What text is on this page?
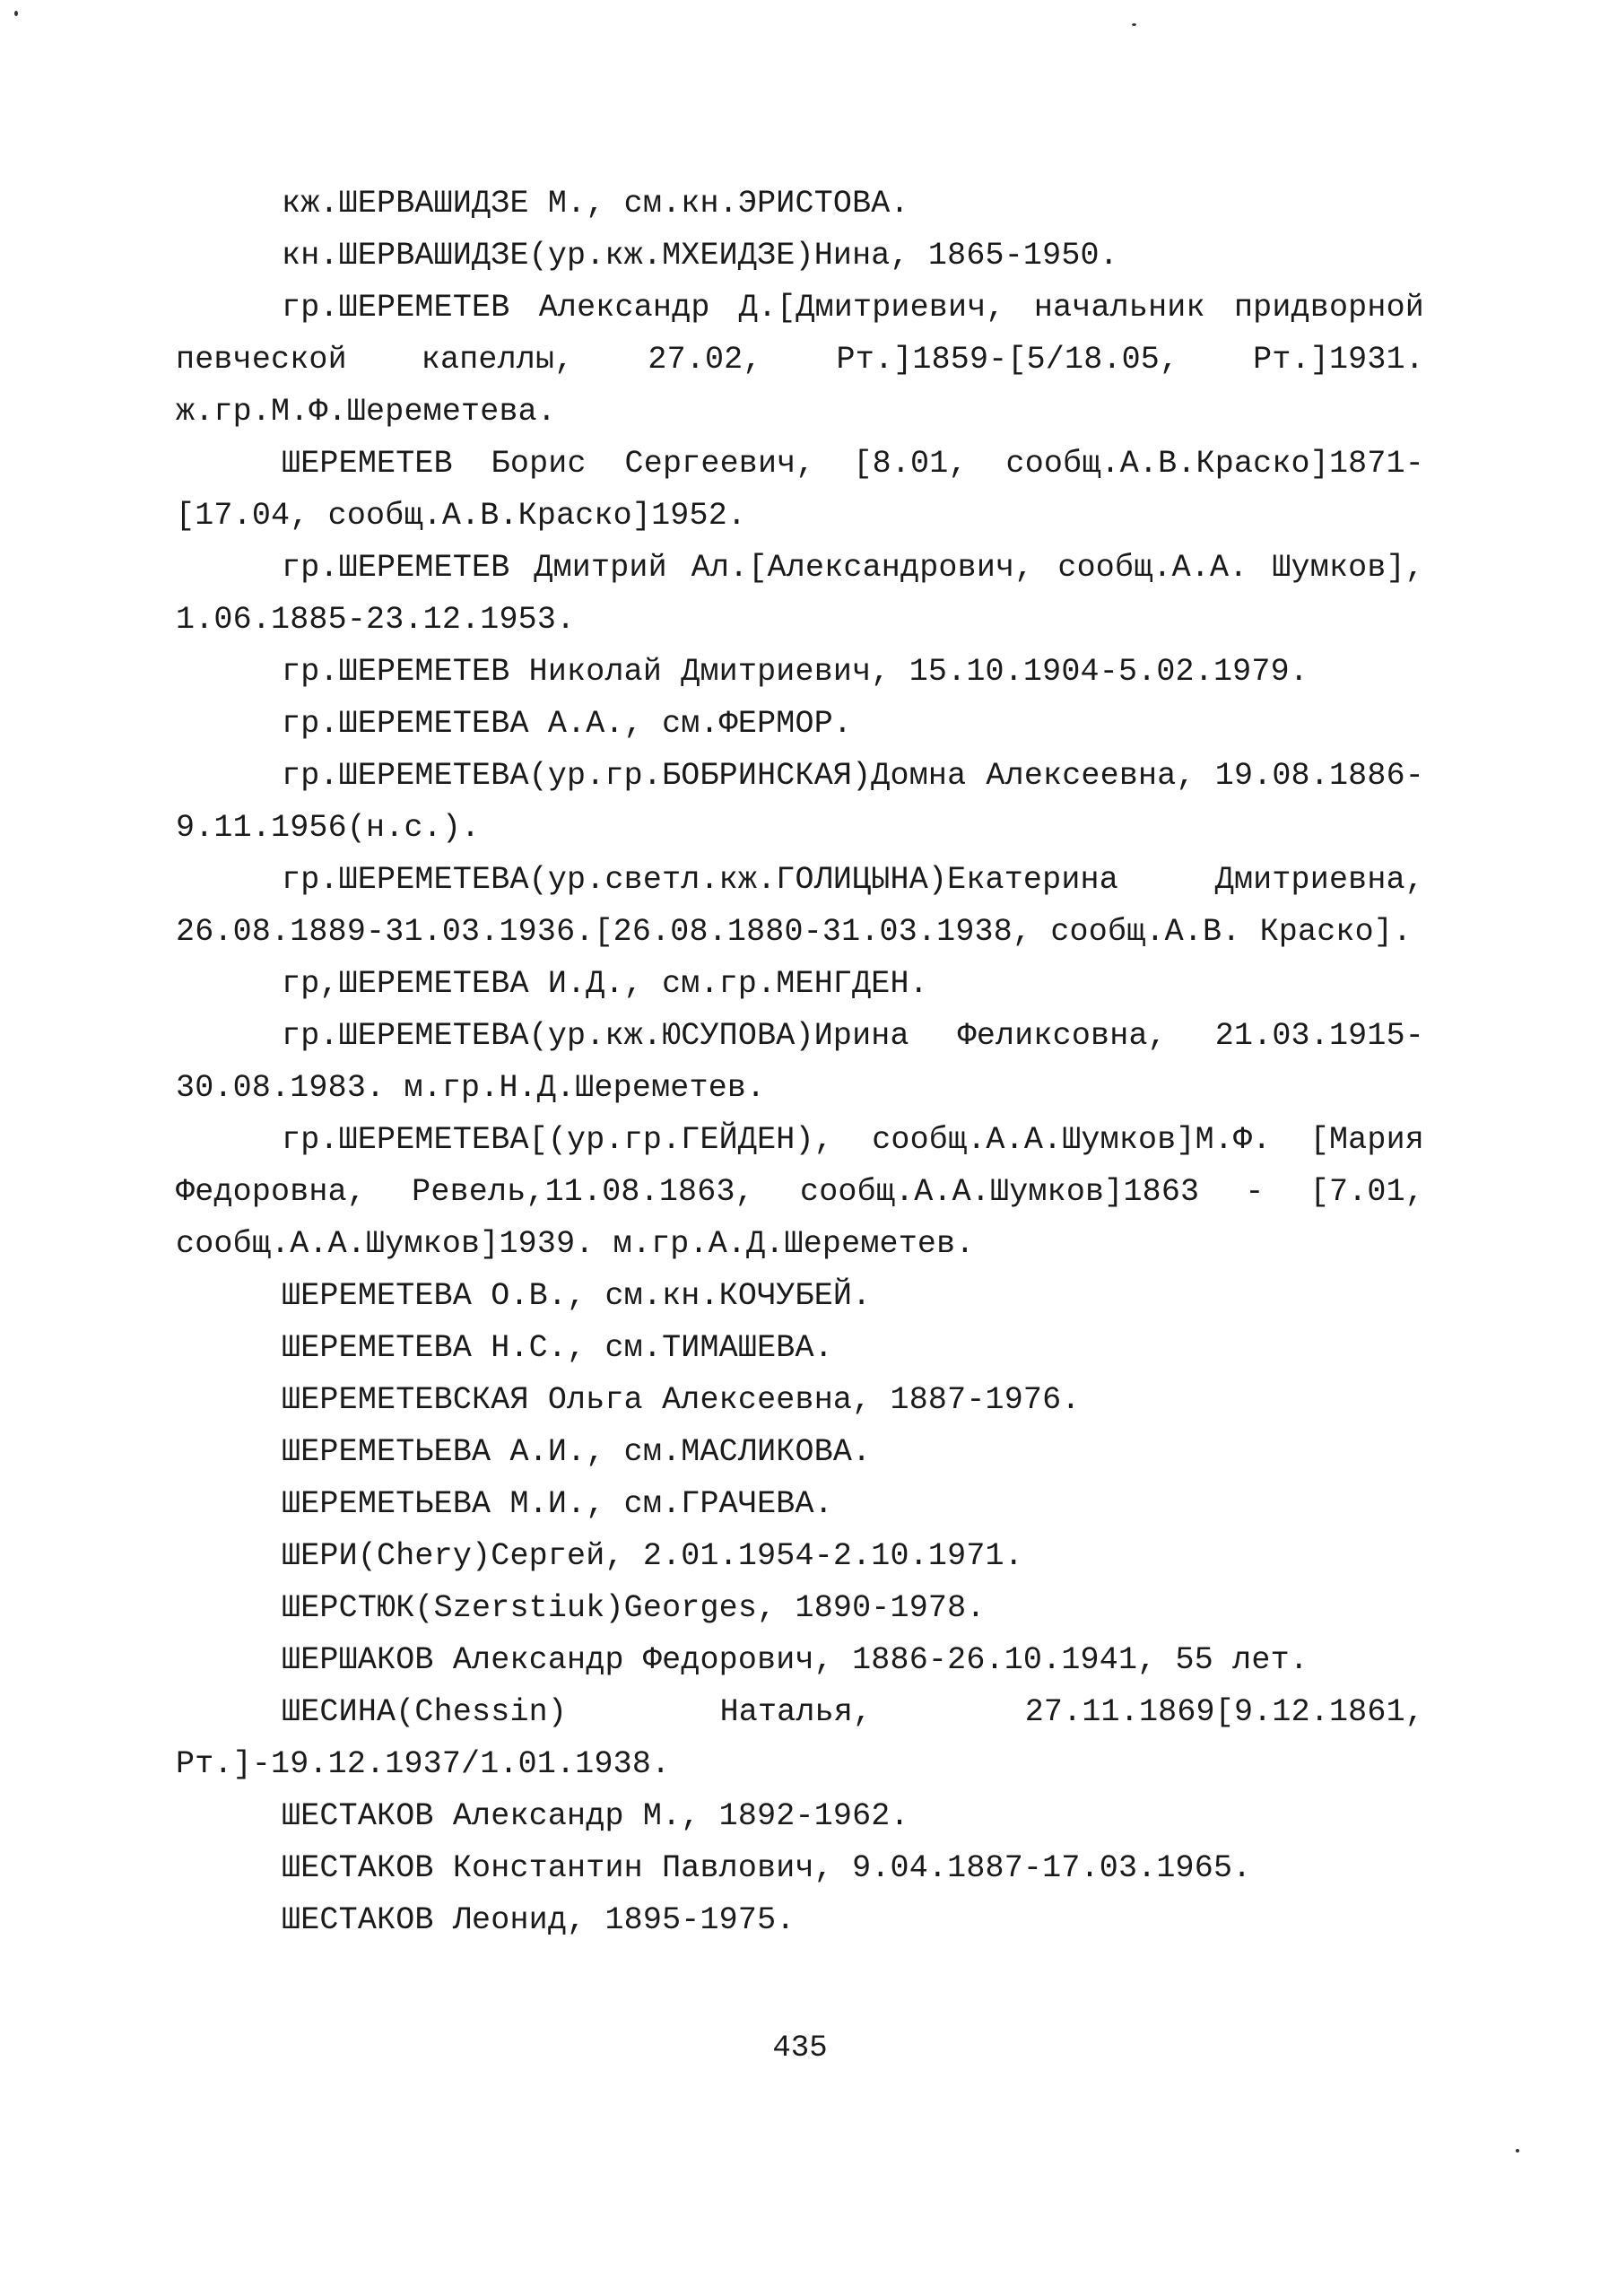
кж.ШЕРВАШИДЗЕ М., см.кн.ЭРИСТОВА.

кн.ШЕРВАШИДЗЕ(ур.кж.МХЕИДЗЕ)Нина, 1865-1950.

гр.ШЕРЕМЕТЕВ Александр Д.[Дмитриевич, начальник придворной певческой капеллы, 27.02, Рт.]1859-[5/18.05, Рт.]1931. ж.гр.М.Ф.Шереметева.

ШЕРЕМЕТЕВ Борис Сергеевич, [8.01, сообщ.А.В.Краско]1871-[17.04, сообщ.А.В.Краско]1952.

гр.ШЕРЕМЕТЕВ Дмитрий Ал.[Александрович, сообщ.А.А. Шумков], 1.06.1885-23.12.1953.

гр.ШЕРЕМЕТЕВ Николай Дмитриевич, 15.10.1904-5.02.1979.

гр.ШЕРЕМЕТЕВА А.А., см.ФЕРМОР.

гр.ШЕРЕМЕТЕВА(ур.гр.БОБРИНСКАЯ)Домна Алексеевна, 19.08.1886-9.11.1956(н.с.).

гр.ШЕРЕМЕТЕВА(ур.светл.кж.ГОЛИЦЫНА)Екатерина Дмитриевна, 26.08.1889-31.03.1936.[26.08.1880-31.03.1938, сообщ.А.В. Краско].

гр,ШЕРЕМЕТЕВА И.Д., см.гр.МЕНГДЕН.

гр.ШЕРЕМЕТЕВА(ур.кж.ЮСУПОВА)Ирина Феликсовна, 21.03.1915-30.08.1983. м.гр.Н.Д.Шереметев.

гр.ШЕРЕМЕТЕВА[(ур.гр.ГЕЙДЕН), сообщ.А.А.Шумков]М.Ф. [Мария Федоровна, Ревель,11.08.1863, сообщ.А.А.Шумков]1863 - [7.01, сообщ.А.А.Шумков]1939. м.гр.А.Д.Шереметев.

ШЕРЕМЕТЕВА О.В., см.кн.КОЧУБЕЙ.

ШЕРЕМЕТЕВА Н.С., см.ТИМАШЕВА.

ШЕРЕМЕТЕВСКАЯ Ольга Алексеевна, 1887-1976.

ШЕРЕМЕТЬЕВА А.И., см.МАСЛИКОВА.

ШЕРЕМЕТЬЕВА М.И., см.ГРАЧЕВА.

ШЕРИ(Chery)Сергей, 2.01.1954-2.10.1971.

ШЕРСТЮК(Szerstiuk)Georges, 1890-1978.

ШЕРШАКОВ Александр Федорович, 1886-26.10.1941, 55 лет.

ШЕСИНА(Chessin) Наталья, 27.11.1869[9.12.1861, Рт.]-19.12.1937/1.01.1938.

ШЕСТАКОВ Александр М., 1892-1962.

ШЕСТАКОВ Константин Павлович, 9.04.1887-17.03.1965.

ШЕСТАКОВ Леонид, 1895-1975.

435
